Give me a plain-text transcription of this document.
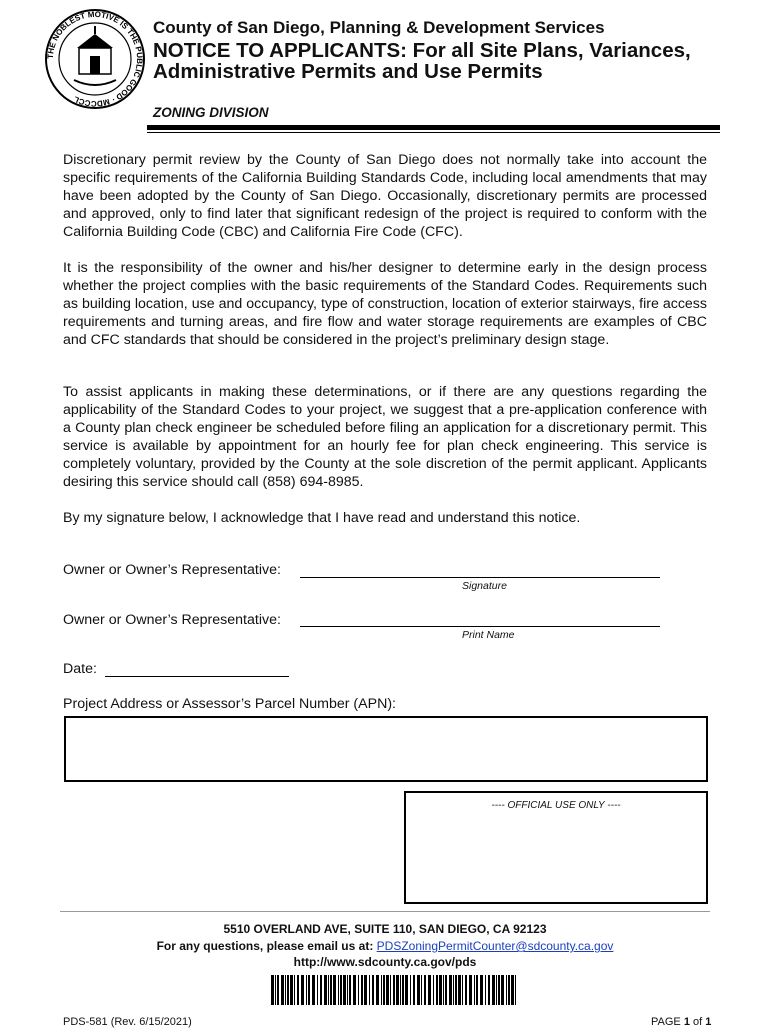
THE NOBLEST MOTIVE IS THE PUBLIC GOOD · MDCCCL
County of San Diego, Planning & Development Services
NOTICE TO APPLICANTS: For all Site Plans, Variances, Administrative Permits and Use Permits
ZONING DIVISION
Discretionary permit review by the County of San Diego does not normally take into account the specific requirements of the California Building Standards Code, including local amendments that may have been adopted by the County of San Diego. Occasionally, discretionary permits are processed and approved, only to find later that significant redesign of the project is required to conform with the California Building Code (CBC) and California Fire Code (CFC).
It is the responsibility of the owner and his/her designer to determine early in the design process whether the project complies with the basic requirements of the Standard Codes. Requirements such as building location, use and occupancy, type of construction, location of exterior stairways, fire access requirements and turning areas, and fire flow and water storage requirements are examples of CBC and CFC standards that should be considered in the project’s preliminary design stage.
To assist applicants in making these determinations, or if there are any questions regarding the applicability of the Standard Codes to your project, we suggest that a pre-application conference with a County plan check engineer be scheduled before filing an application for a discretionary permit. This service is available by appointment for an hourly fee for plan check engineering. This service is completely voluntary, provided by the County at the sole discretion of the permit applicant. Applicants desiring this service should call (858) 694-8985.
By my signature below, I acknowledge that I have read and understand this notice.
Owner or Owner’s Representative:
Signature
Owner or Owner’s Representative:
Print Name
Date:
Project Address or Assessor’s Parcel Number (APN):
---- OFFICIAL USE ONLY ----
5510 OVERLAND AVE, SUITE 110, SAN DIEGO, CA 92123
For any questions, please email us at: PDSZoningPermitCounter@sdcounty.ca.gov
http://www.sdcounty.ca.gov/pds
PDS-581 (Rev. 6/15/2021)	PAGE 1 of 1
